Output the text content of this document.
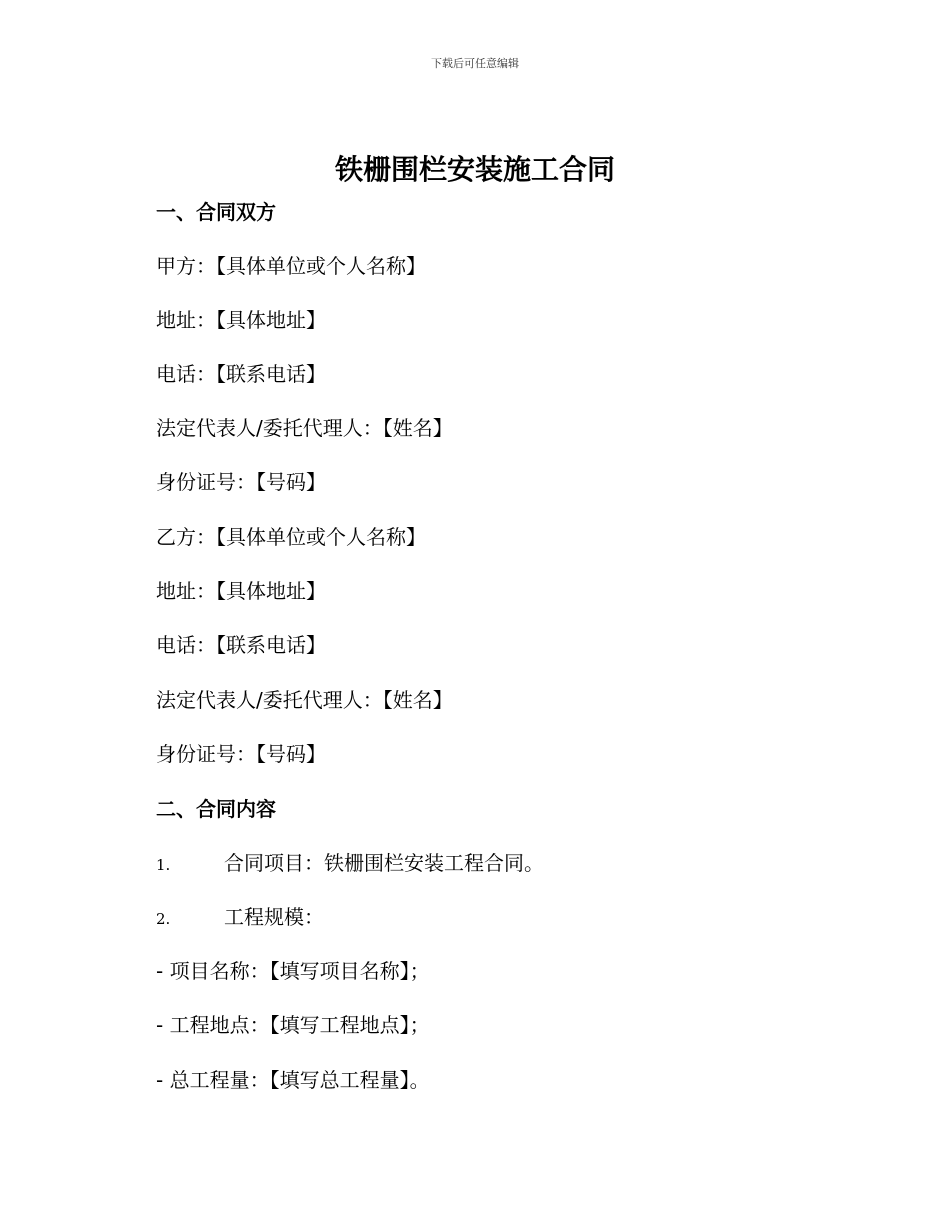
下载后可任意编辑
铁栅围栏安装施工合同
一、合同双方
甲方：【具体单位或个人名称】
地址：【具体地址】
电话：【联系电话】
法定代表人/委托代理人：【姓名】
身份证号：【号码】
乙方：【具体单位或个人名称】
地址：【具体地址】
电话：【联系电话】
法定代表人/委托代理人：【姓名】
身份证号：【号码】
二、合同内容
1.	合同项目：铁栅围栏安装工程合同。
2.	工程规模：
- 项目名称：【填写项目名称】；
- 工程地点：【填写工程地点】；
- 总工程量：【填写总工程量】。
